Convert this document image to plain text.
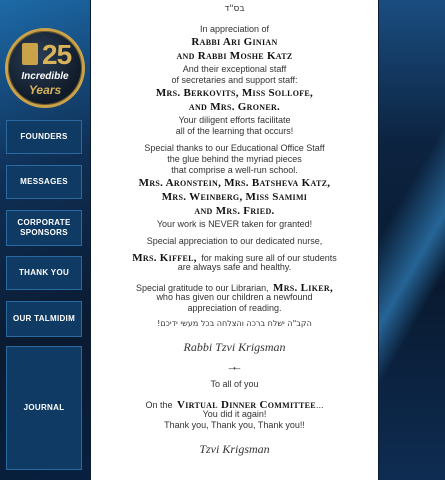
25
Incredible
Years
FOUNDERS
MESSAGES
CORPORATE SPONSORS
THANK YOU
OUR TALMIDIM
JOURNAL
בס"ד
In appreciation of
Rabbi Ari Ginian
and Rabbi Moshe Katz
And their exceptional staff
of secretaries and support staff:
Mrs. Berkovits, Miss Sollofe,
and Mrs. Groner.
Your diligent efforts facilitate
all of the learning that occurs!
Special thanks to our Educational Office Staff
the glue behind the myriad pieces
that comprise a well-run school.
Mrs. Aronstein, Mrs. Batsheva Katz,
Mrs. Weinberg, Miss Samimi
and Mrs. Fried.
Your work is NEVER taken for granted!
Special appreciation to our dedicated nurse,
Mrs. Kiffel, for making sure all of our students
are always safe and healthy.
Special gratitude to our Librarian, Mrs. Liker,
who has given our children a newfound
appreciation of reading.
הקב"ה ישלח ברכה והצלחה בכל מעשי ידיכם!
Rabbi Tzvi Krigsman
–•–
To all of you
On the Virtual Dinner Committee...
You did it again!
Thank you, Thank you, Thank you!!
Tzvi Krigsman
